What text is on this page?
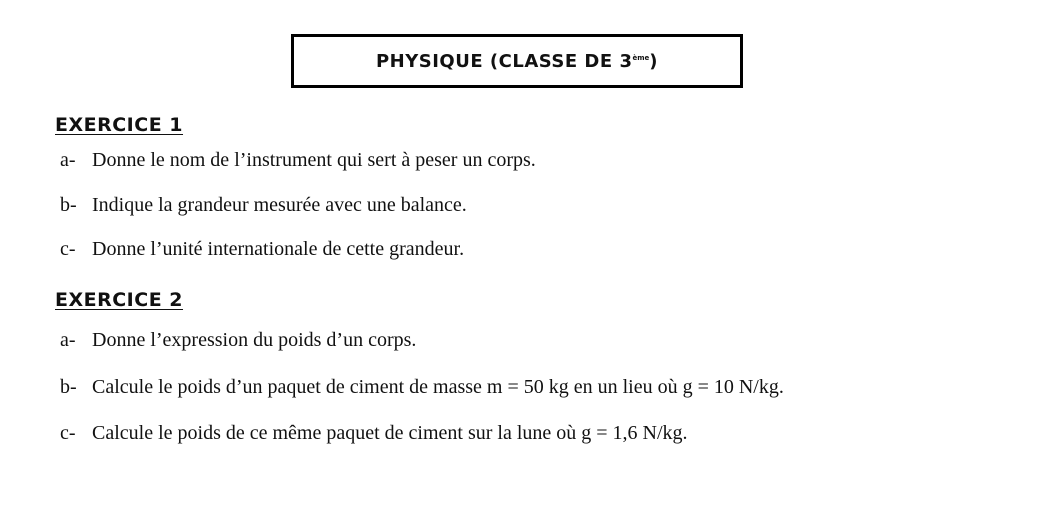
PHYSIQUE (CLASSE DE 3ème)
EXERCICE 1
a- Donne le nom de l’instrument qui sert à peser un corps.
b- Indique la grandeur mesurée avec une balance.
c- Donne l’unité internationale de cette grandeur.
EXERCICE 2
a- Donne l’expression du poids d’un corps.
b- Calcule le poids d’un paquet de ciment de masse m = 50 kg en un lieu où g = 10 N/kg.
c- Calcule le poids de ce même paquet de ciment sur la lune où g = 1,6 N/kg.
